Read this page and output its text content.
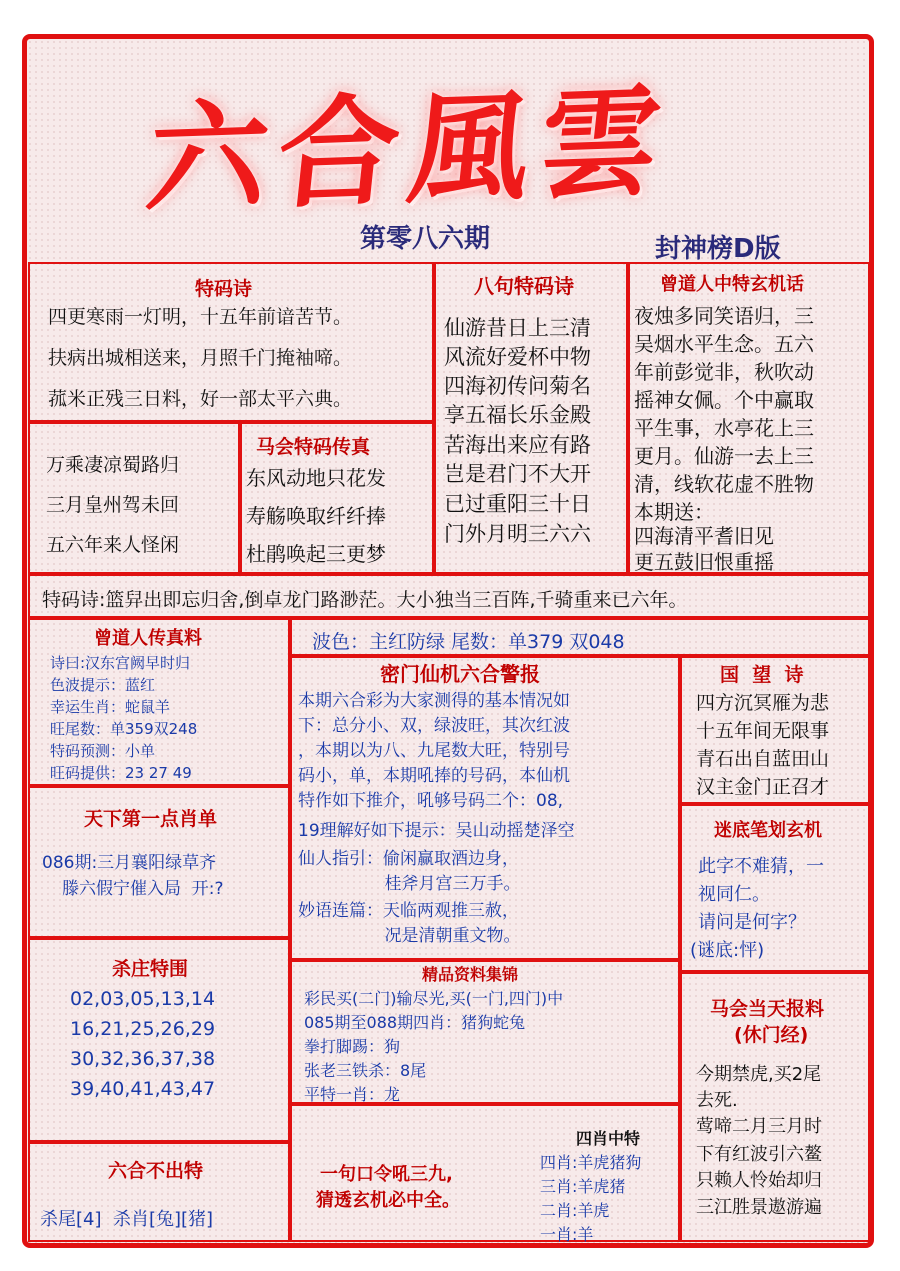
六合風雲
第零八六期	封神榜D版
特码诗
四更寒雨一灯明，十五年前谙苦节。
扶病出城相送来，月照千门掩袖啼。
菰米正残三日料，好一部太平六典。
八句特码诗
仙游昔日上三清
风流好爱杯中物
四海初传问菊名
享五福长乐金殿
苦海出来应有路
岂是君门不大开
已过重阳三十日
门外月明三六六
曾道人中特玄机话
夜烛多同笑语归，三
吴烟水平生念。五六
年前彭觉非，秋吹动
摇神女佩。个中赢取
平生事，水亭花上三
更月。仙游一去上三
清，线软花虚不胜物
本期送：
四海清平耆旧见
更五鼓旧恨重摇
万乘凄凉蜀路归
三月皇州驾未回
五六年来人怪闲
马会特码传真
东风动地只花发
寿觞唤取纤纤捧
杜鹃唤起三更梦
特码诗:篮舁出即忘归舍,倒卓龙门路渺茫。大小独当三百阵,千骑重来已六年。
曾道人传真料
诗曰:汉东宫阙早时归
色波提示：蓝红
幸运生肖：蛇鼠羊
旺尾数：单359双248
特码预测：小单
旺码提供：23 27 49
波色：主红防绿 尾数：单379 双048
密门仙机六合警报
本期六合彩为大家测得的基本情况如
下：总分小、双，绿波旺，其次红波
，本期以为八、九尾数大旺，特别号
码小，单，本期吼捧的号码，本仙机
特作如下推介，吼够号码二个：08,
19理解好如下提示：吴山动摇楚泽空
仙人指引：偷闲赢取酒边身，
桂斧月宫三万手。
妙语连篇：天临两观推三赦，
况是清朝重文物。
国  望  诗
四方沉冥雁为悲
十五年间无限事
青石出自蓝田山
汉主金门正召才
天下第一点肖单
086期:三月襄阳绿草齐
滕六假宁催入局  开:?
迷底笔划玄机
此字不难猜，一
视同仁。
请问是何字？
(谜底:怦)
杀庄特围
02,03,05,13,14
16,21,25,26,29
30,32,36,37,38
39,40,41,43,47
精品资料集锦
彩民买(二门)输尽光,买(一门,四门)中
085期至088期四肖：猪狗蛇兔
拳打脚踢：狗
张老三铁杀：8尾
平特一肖：龙
马会当天报料
(休门经)
今期禁虎,买2尾
去死.
莺啼二月三月时
下有红波引六鳌
只赖人怜始却归
三江胜景遨游遍
六合不出特
杀尾[4]  杀肖[兔][猪]
一句口令吼三九,
猜透玄机必中全。
四肖中特
四肖:羊虎猪狗
三肖:羊虎猪
二肖:羊虎
一肖:羊
